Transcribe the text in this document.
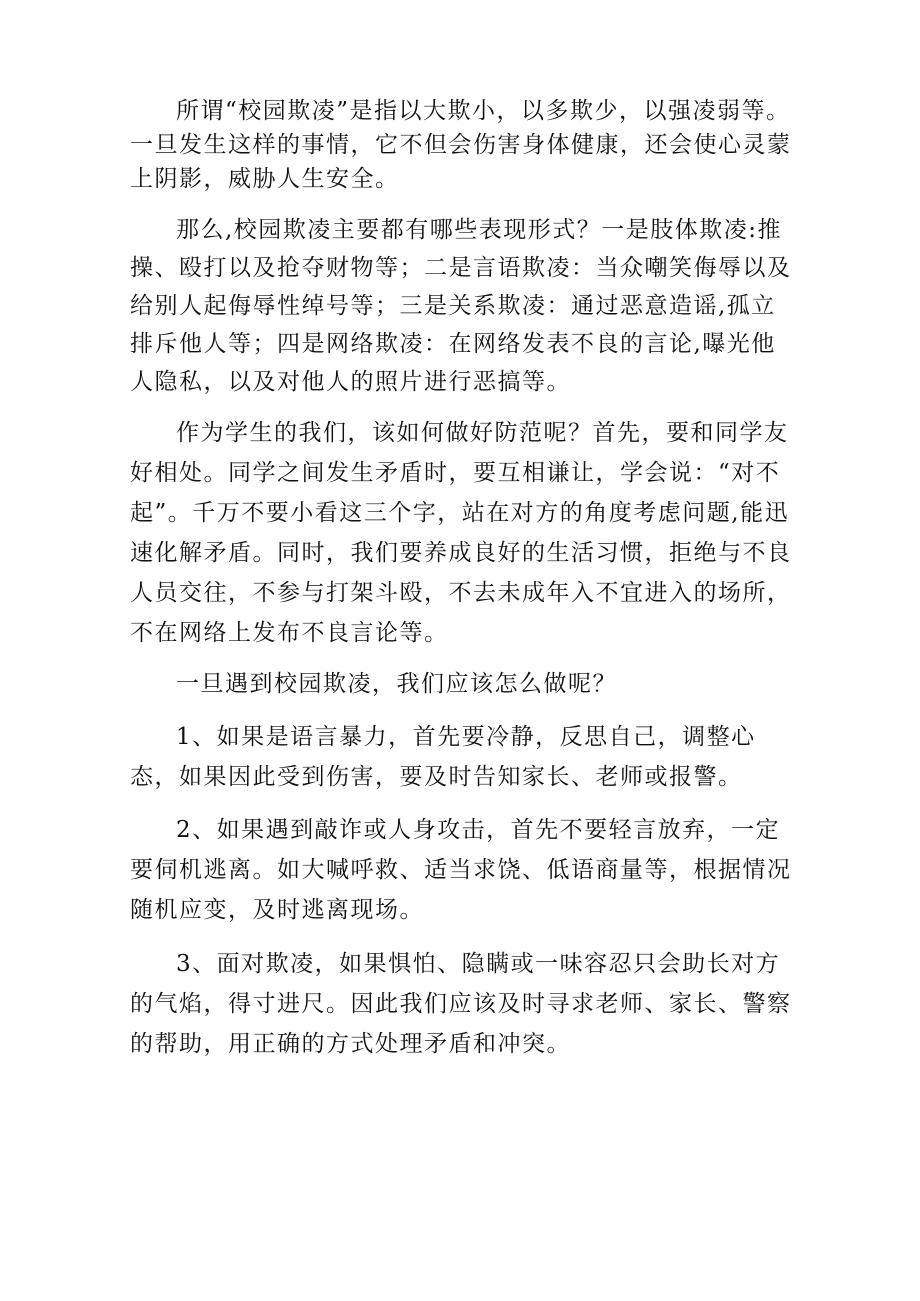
所谓“校园欺凌”是指以大欺小，以多欺少，以强凌弱等。一旦发生这样的事情，它不但会伤害身体健康，还会使心灵蒙上阴影，威胁人生安全。

那么,校园欺凌主要都有哪些表现形式？一是肢体欺凌:推操、殴打以及抢夺财物等；二是言语欺凌：当众嘲笑侮辱以及给别人起侮辱性绰号等；三是关系欺凌：通过恶意造谣,孤立排斥他人等；四是网络欺凌：在网络发表不良的言论,曝光他人隐私，以及对他人的照片进行恶搞等。

作为学生的我们，该如何做好防范呢？首先，要和同学友好相处。同学之间发生矛盾时，要互相谦让，学会说：“对不起”。千万不要小看这三个字，站在对方的角度考虑问题,能迅速化解矛盾。同时，我们要养成良好的生活习惯，拒绝与不良人员交往，不参与打架斗殴，不去未成年入不宜进入的场所，不在网络上发布不良言论等。

一旦遇到校园欺凌，我们应该怎么做呢？

1、如果是语言暴力，首先要冷静，反思自己，调整心态，如果因此受到伤害，要及时告知家长、老师或报警。

2、如果遇到敲诈或人身攻击，首先不要轻言放弃，一定要伺机逃离。如大喊呼救、适当求饶、低语商量等，根据情况随机应变，及时逃离现场。

3、面对欺凌，如果惧怕、隐瞒或一味容忍只会助长对方的气焰，得寸进尺。因此我们应该及时寻求老师、家长、警察的帮助，用正确的方式处理矛盾和冲突。
